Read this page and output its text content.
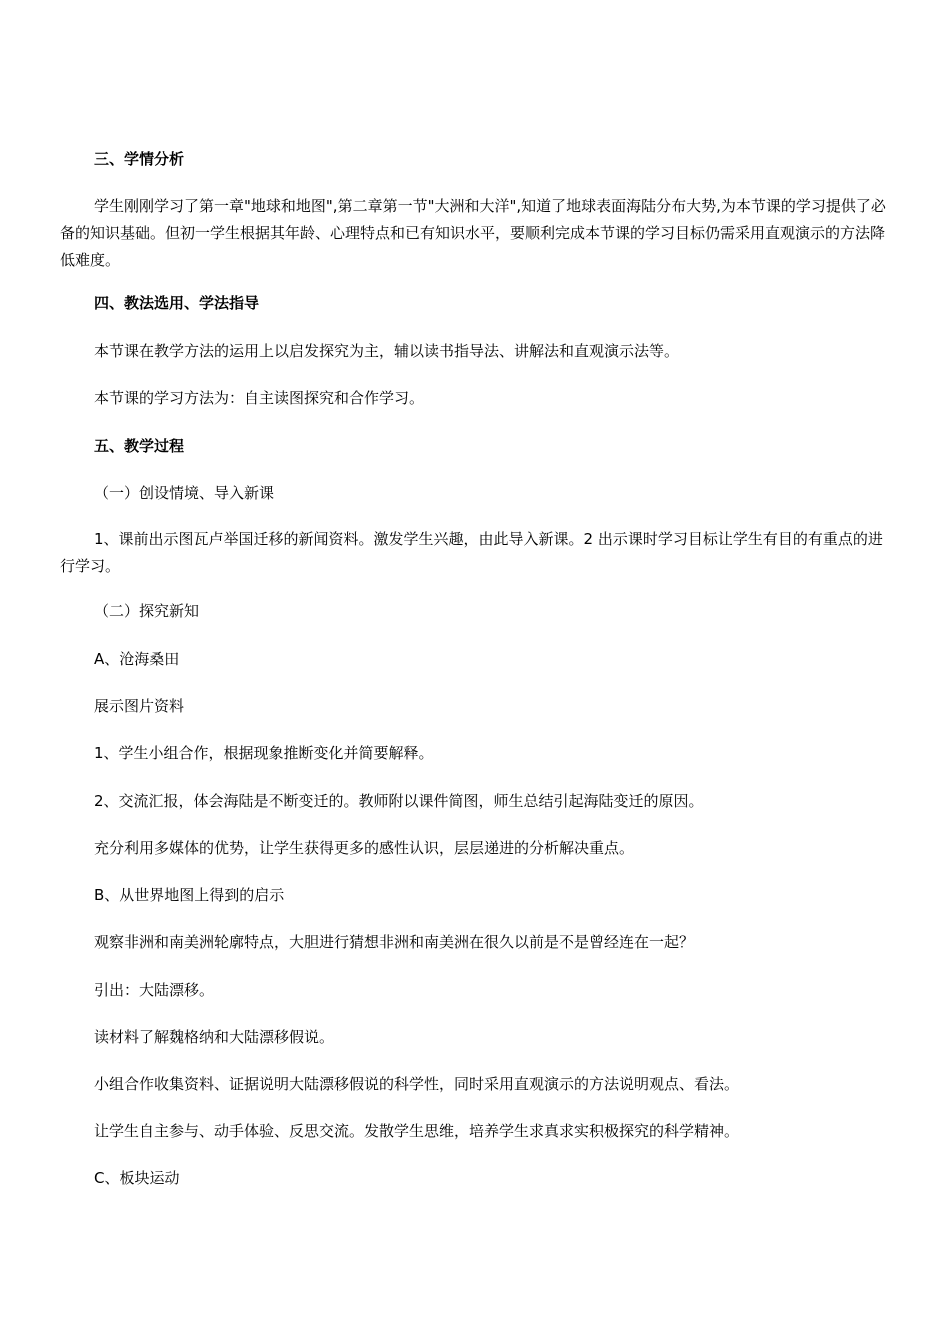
三、学情分析
学生刚刚学习了第一章"地球和地图",第二章第一节"大洲和大洋",知道了地球表面海陆分布大势,为本节课的学习提供了必备的知识基础。但初一学生根据其年龄、心理特点和已有知识水平，要顺利完成本节课的学习目标仍需采用直观演示的方法降低难度。
四、教法选用、学法指导
本节课在教学方法的运用上以启发探究为主，辅以读书指导法、讲解法和直观演示法等。
本节课的学习方法为：自主读图探究和合作学习。
五、教学过程
（一）创设情境、导入新课
1、课前出示图瓦卢举国迁移的新闻资料。激发学生兴趣，由此导入新课。2 出示课时学习目标让学生有目的有重点的进行学习。
（二）探究新知
A、沧海桑田
展示图片资料
1、学生小组合作，根据现象推断变化并简要解释。
2、交流汇报，体会海陆是不断变迁的。教师附以课件简图，师生总结引起海陆变迁的原因。
充分利用多媒体的优势，让学生获得更多的感性认识，层层递进的分析解决重点。
B、从世界地图上得到的启示
观察非洲和南美洲轮廓特点，大胆进行猜想非洲和南美洲在很久以前是不是曾经连在一起？
引出：大陆漂移。
读材料了解魏格纳和大陆漂移假说。
小组合作收集资料、证据说明大陆漂移假说的科学性，同时采用直观演示的方法说明观点、看法。
让学生自主参与、动手体验、反思交流。发散学生思维，培养学生求真求实积极探究的科学精神。
C、板块运动
